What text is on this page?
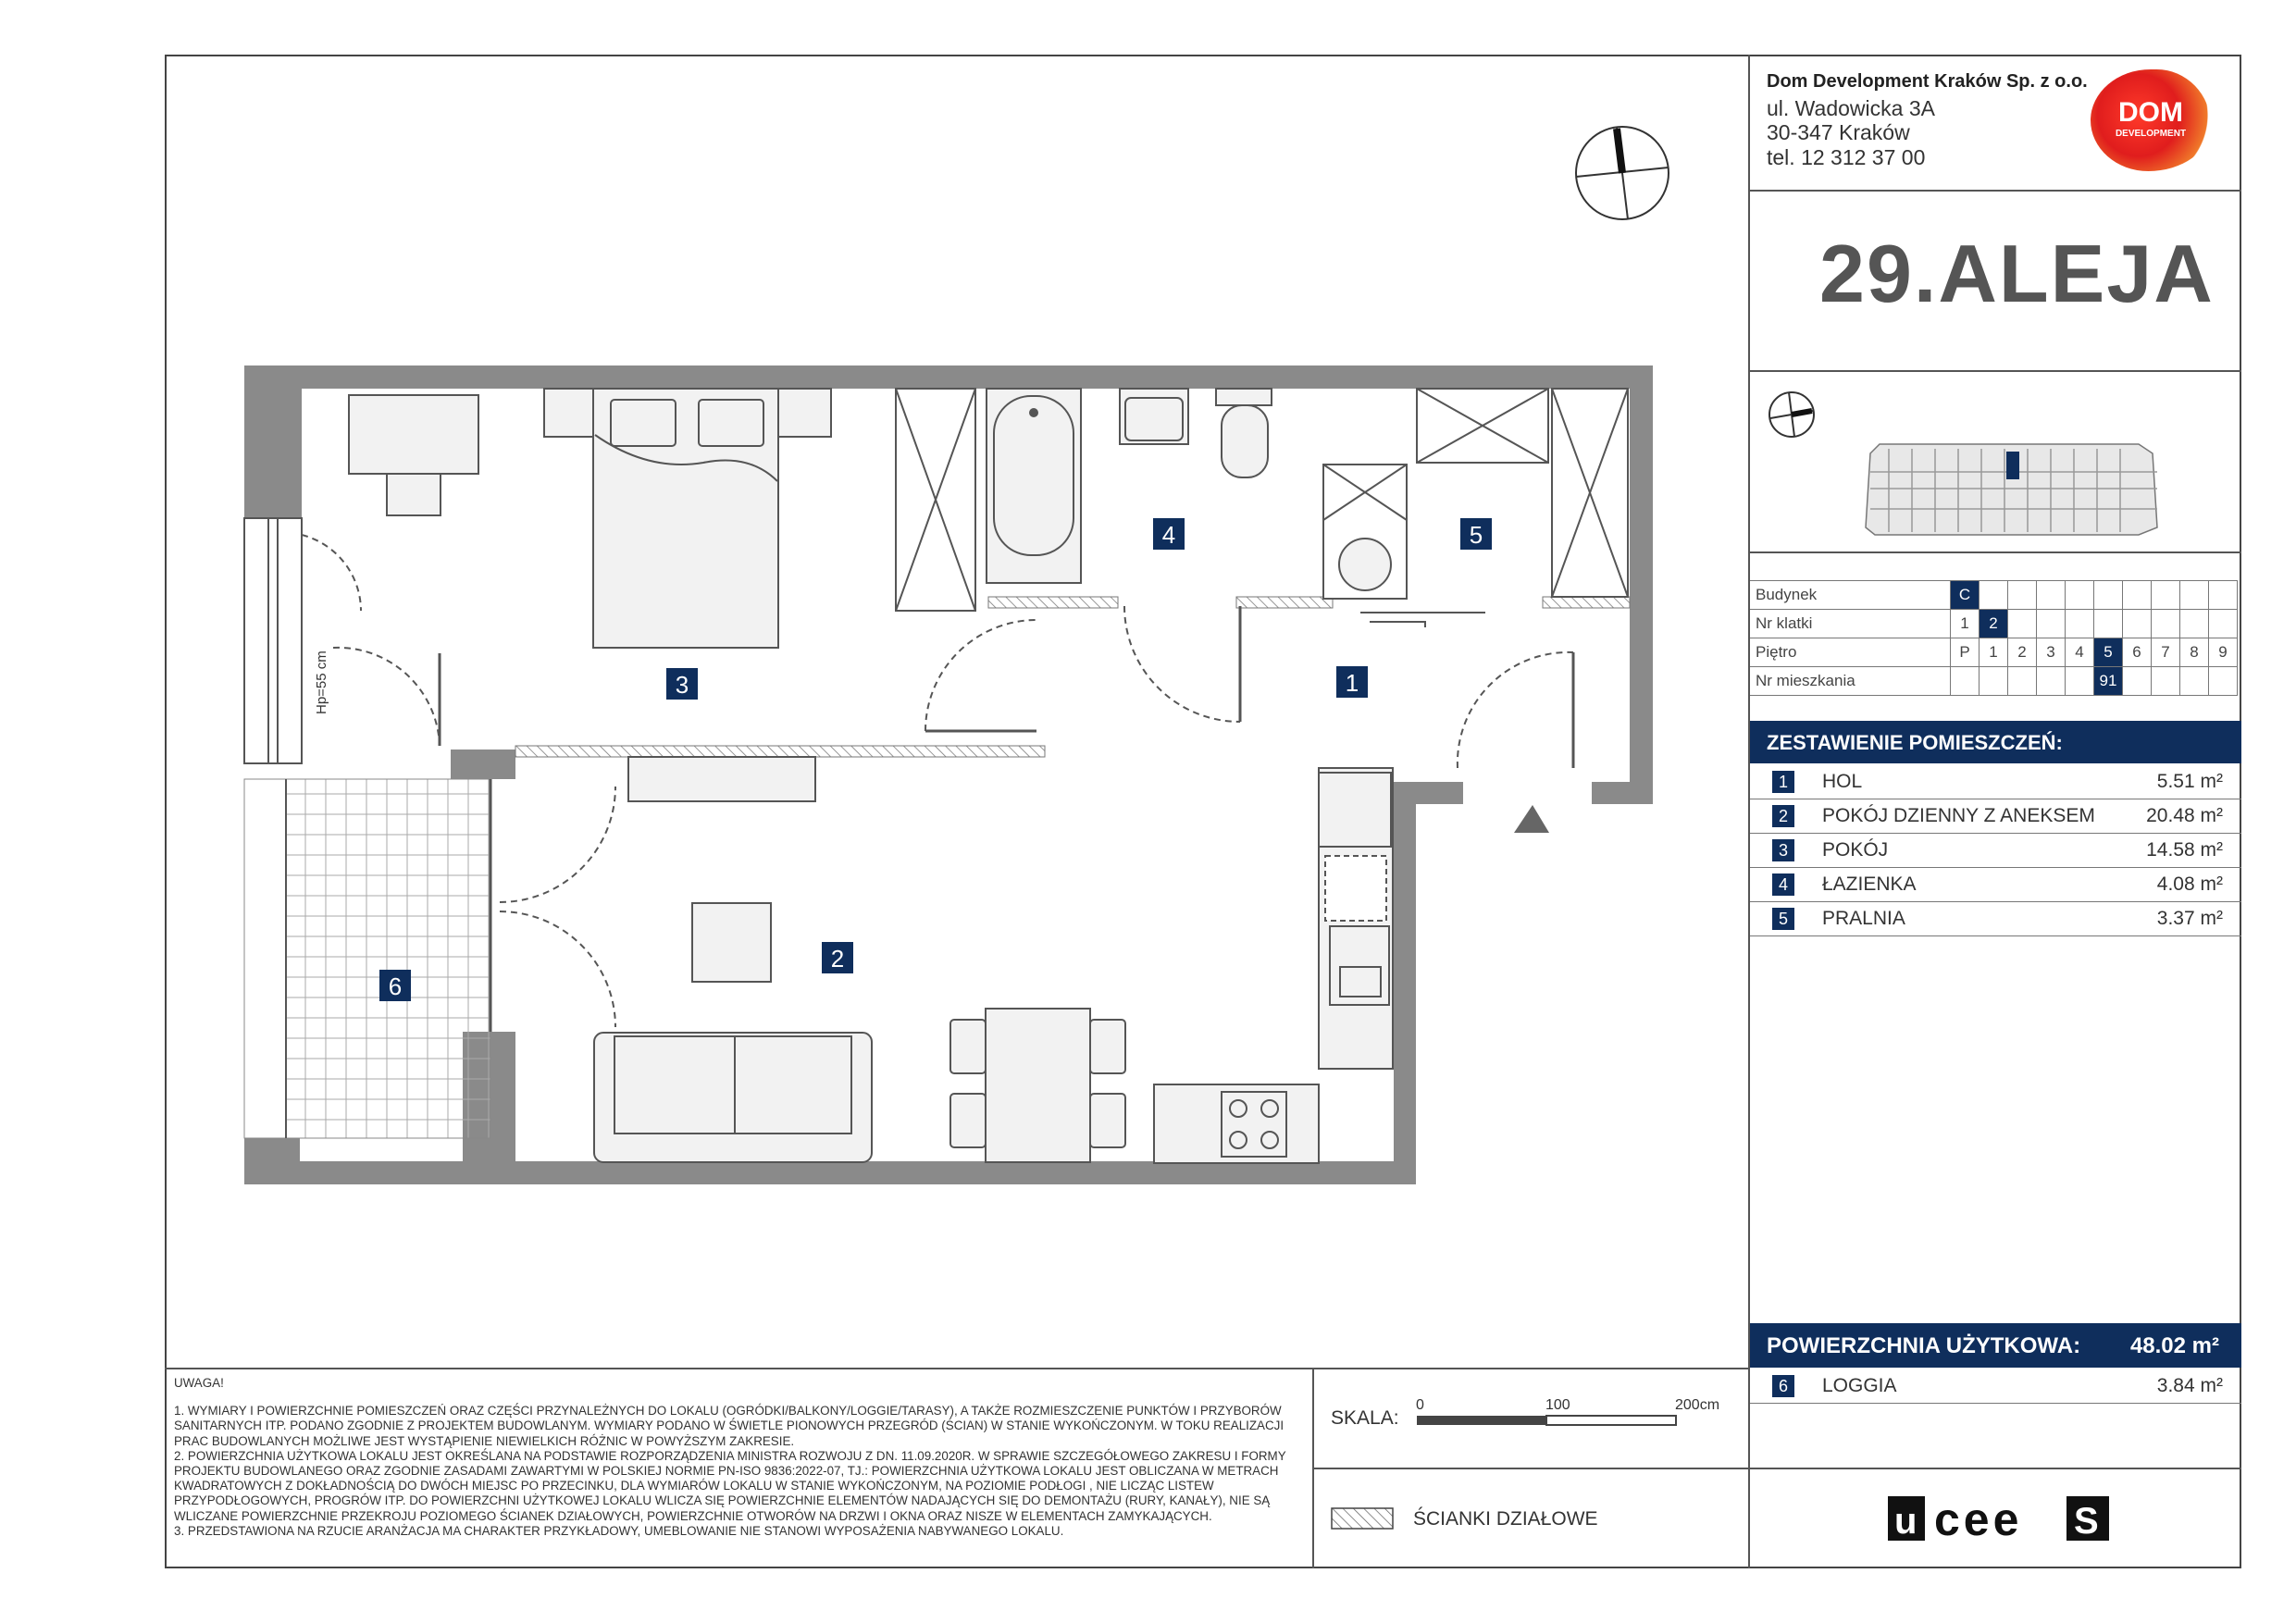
Dom Development Kraków Sp. z o.o.
ul. Wadowicka 3A
30-347 Kraków
tel. 12 312 37 00
DOM
DEVELOPMENT
29.ALEJA
Budynek	C									
Nr klatki	1	2								
Piętro	P	1	2	3	4	5	6	7	8	9
Nr mieszkania						91				
ZESTAWIENIE POMIESZCZEŃ:
1	HOL	5.51 m²
2	POKÓJ DZIENNY Z ANEKSEM	20.48 m²
3	POKÓJ	14.58 m²
4	ŁAZIENKA	4.08 m²
5	PRALNIA	3.37 m²
POWIERZCHNIA UŻYTKOWA: 48.02 m²
6	LOGGIA	3.84 m²

UWAGA!

1. WYMIARY I POWIERZCHNIE POMIESZCZEŃ ORAZ CZĘŚCI PRZYNALEŻNYCH DO LOKALU (OGRÓDKI/BALKONY/LOGGIE/TARASY), A TAKŻE ROZMIESZCZENIE PUNKTÓW I PRZYBORÓW SANITARNYCH ITP. PODANO ZGODNIE Z PROJEKTEM BUDOWLANYM. WYMIARY PODANO W ŚWIETLE PIONOWYCH PRZEGRÓD (ŚCIAN) W STANIE WYKOŃCZONYM. W TOKU REALIZACJI PRAC BUDOWLANYCH MOŻLIWE JEST WYSTĄPIENIE NIEWIELKICH RÓŻNIC W POWYŻSZYM ZAKRESIE.

2. POWIERZCHNIA UŻYTKOWA LOKALU JEST OKREŚLANA NA PODSTAWIE ROZPORZĄDZENIA MINISTRA ROZWOJU Z DN. 11.09.2020R. W SPRAWIE SZCZEGÓŁOWEGO ZAKRESU I FORMY PROJEKTU BUDOWLANEGO ORAZ ZGODNIE ZASADAMI ZAWARTYMI W POLSKIEJ NORMIE PN-ISO 9836:2022-07, TJ.: POWIERZCHNIA UŻYTKOWA LOKALU JEST OBLICZANA W METRACH KWADRATOWYCH Z DOKŁADNOŚCIĄ DO DWÓCH MIEJSC PO PRZECINKU, DLA WYMIARÓW LOKALU W STANIE WYKOŃCZONYM, NA POZIOMIE PODŁOGI , NIE LICZĄC LISTEW PRZYPODŁOGOWYCH, PROGRÓW ITP. DO POWIERZCHNI UŻYTKOWEJ LOKALU WLICZA SIĘ POWIERZCHNIE ELEMENTÓW NADAJĄCYCH SIĘ DO DEMONTAŻU (RURY, KANAŁY), NIE SĄ WLICZANE POWIERZCHNIE PRZEKROJU POZIOMEGO ŚCIANEK DZIAŁOWYCH, POWIERZCHNIE OTWORÓW NA DRZWI I OKNA ORAZ NISZE W ELEMENTACH ZAMYKAJĄCYCH.

3. PRZEDSTAWIONA NA RZUCIE ARANŻACJA MA CHARAKTER PRZYKŁADOWY, UMEBLOWANIE NIE STANOWI WYPOSAŻENIA NABYWANEGO LOKALU.

SKALA:
0	100	200cm
ŚCIANKI DZIAŁOWE	u cee S
1
2
3
4	5
6
Hp=55 cm
